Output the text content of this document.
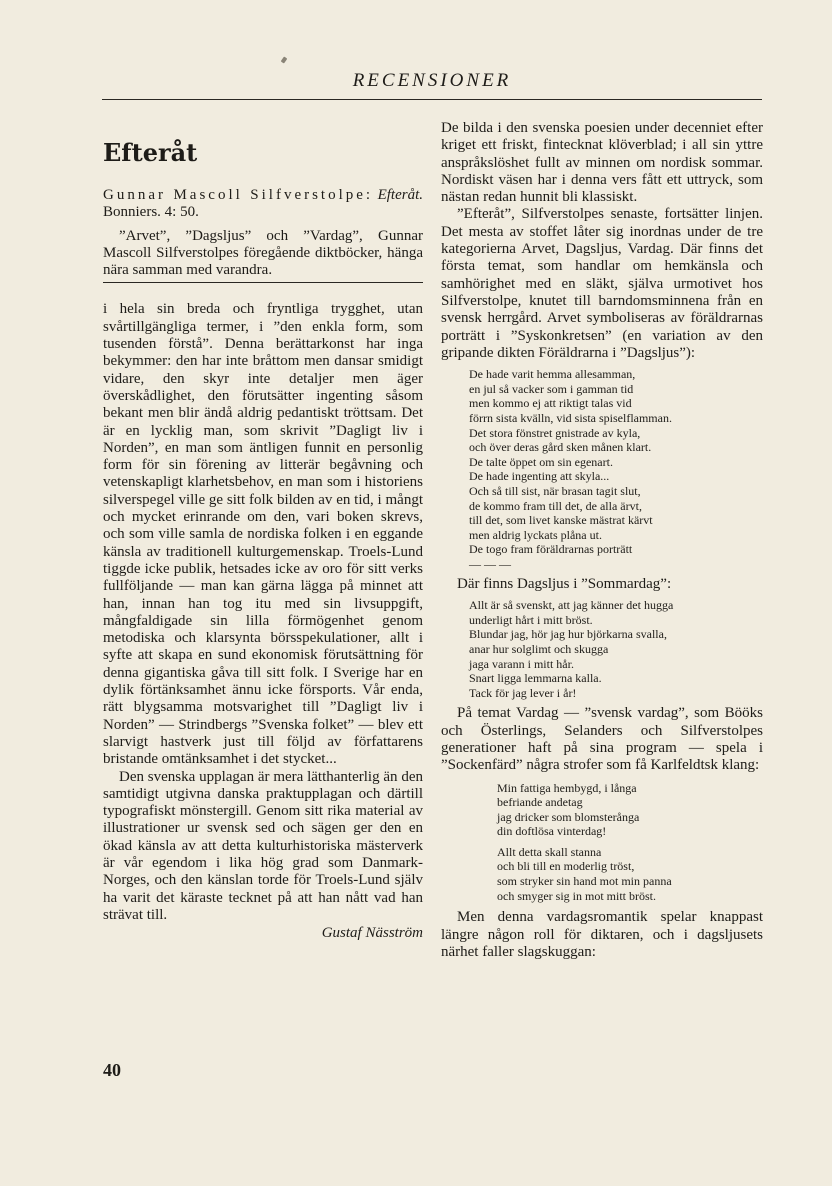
RECENSIONER
Efteråt

Gunnar Mascoll Silfverstolpe: Efteråt. Bonniers. 4: 50.

”Arvet”, ”Dagsljus” och ”Vardag”, Gunnar Mascoll Silfverstolpes föregående diktböcker, hänga nära samman med varandra.

i hela sin breda och fryntliga trygghet, utan svårtillgängliga termer, i ”den enkla form, som tusenden förstå”. Denna berättarkonst har inga bekymmer: den har inte bråttom men dansar smidigt vidare, den skyr inte detaljer men äger överskådlighet, den förutsätter ingenting såsom bekant men blir ändå aldrig pedantiskt tröttsam. Det är en lycklig man, som skrivit ”Dagligt liv i Norden”, en man som äntligen funnit en personlig form för sin förening av litterär begåvning och vetenskapligt klarhetsbehov, en man som i historiens silverspegel ville ge sitt folk bilden av en tid, i mångt och mycket erinrande om den, vari boken skrevs, och som ville samla de nordiska folken i en eggande känsla av traditionell kulturgemenskap. Troels-Lund tiggde icke publik, hetsades icke av oro för sitt verks fullföljande — man kan gärna lägga på minnet att han, innan han tog itu med sin livsuppgift, mångfaldigade sin lilla förmögenhet genom metodiska och klarsynta börsspekulationer, allt i syfte att skapa en sund ekonomisk förutsättning för denna gigantiska gåva till sitt folk. I Sverige har en dylik förtänksamhet ännu icke försports. Vår enda, rätt blygsamma motsvarighet till ”Dagligt liv i Norden” — Strindbergs ”Svenska folket” — blev ett slarvigt hastverk just till följd av författarens bristande omtänksamhet i det stycket...

Den svenska upplagan är mera lätthanterlig än den samtidigt utgivna danska praktupplagan och därtill typografiskt mönstergill. Genom sitt rika material av illustrationer ur svensk sed och sägen ger den en ökad känsla av att detta kulturhistoriska mästerverk är vår egendom i lika hög grad som Danmark-Norges, och den känslan torde för Troels-Lund själv ha varit det käraste tecknet på att han nått vad han strävat till.

Gustaf Näsström

De bilda i den svenska poesien under decenniet efter kriget ett friskt, fintecknat klöverblad; i all sin yttre anspråkslöshet fullt av minnen om nordisk sommar. Nordiskt väsen har i denna vers fått ett uttryck, som nästan redan hunnit bli klassiskt.

”Efteråt”, Silfverstolpes senaste, fortsätter linjen. Det mesta av stoffet låter sig inordnas under de tre kategorierna Arvet, Dagsljus, Vardag. Där finns det första temat, som handlar om hemkänsla och samhörighet med en släkt, själva urmotivet hos Silfverstolpe, knutet till barndomsminnena från en svensk herrgård. Arvet symboliseras av föräldrarnas porträtt i ”Syskonkretsen” (en variation av den gripande dikten Föräldrarna i ”Dagsljus”):

De hade varit hemma allesamman,
en jul så vacker som i gamman tid
men kommo ej att riktigt talas vid
förrn sista kvälln, vid sista spiselflamman.
Det stora fönstret gnistrade av kyla,
och över deras gård sken månen klart.
De talte öppet om sin egenart.
De hade ingenting att skyla...
Och så till sist, när brasan tagit slut,
de kommo fram till det, de alla ärvt,
till det, som livet kanske mästrat kärvt
men aldrig lyckats plåna ut.
De togo fram föräldrarnas porträtt
— — —

Där finns Dagsljus i ”Sommardag”:

Allt är så svenskt, att jag känner det hugga
underligt hårt i mitt bröst.
Blundar jag, hör jag hur björkarna svalla,
anar hur solglimt och skugga
jaga varann i mitt hår.
Snart ligga lemmarna kalla.
Tack för jag lever i år!

På temat Vardag — ”svensk vardag”, som Bööks och Österlings, Selanders och Silfverstolpes generationer haft på sina program — spela i ”Sockenfärd” några strofer som få Karlfeldtsk klang:

Min fattiga hembygd, i långa
befriande andetag
jag dricker som blomsterånga
din doftlösa vinterdag!
Allt detta skall stanna
och bli till en moderlig tröst,
som stryker sin hand mot min panna
och smyger sig in mot mitt bröst.

Men denna vardagsromantik spelar knappast längre någon roll för diktaren, och i dagsljusets närhet faller slagskuggan:

40
